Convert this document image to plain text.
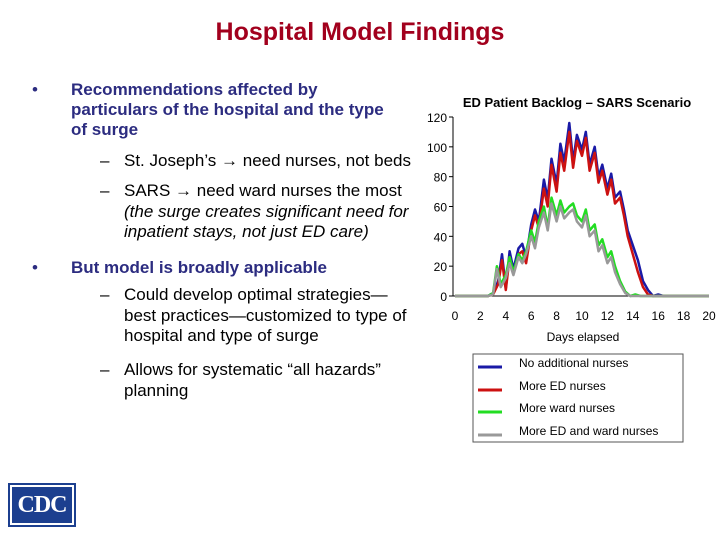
Hospital Model Findings
• Recommendations affected by
particulars of the hospital and the type
of surge
– St. Joseph’s → need nurses, not beds
– SARS → need ward nurses the most
(the surge creates significant need for
inpatient stays, not just ED care)
• But model is broadly applicable
– Could develop optimal strategies—
best practices—customized to type of
hospital and type of surge
– Allows for systematic “all hazards”
planning
ED Patient Backlog – SARS Scenario
0
20
40
60
80
100
120
0 2 4 6 8 10 12 14 16 18 20
Days elapsed
No additional nurses
More ED nurses
More ward nurses
More ED and ward nurses
CDC
